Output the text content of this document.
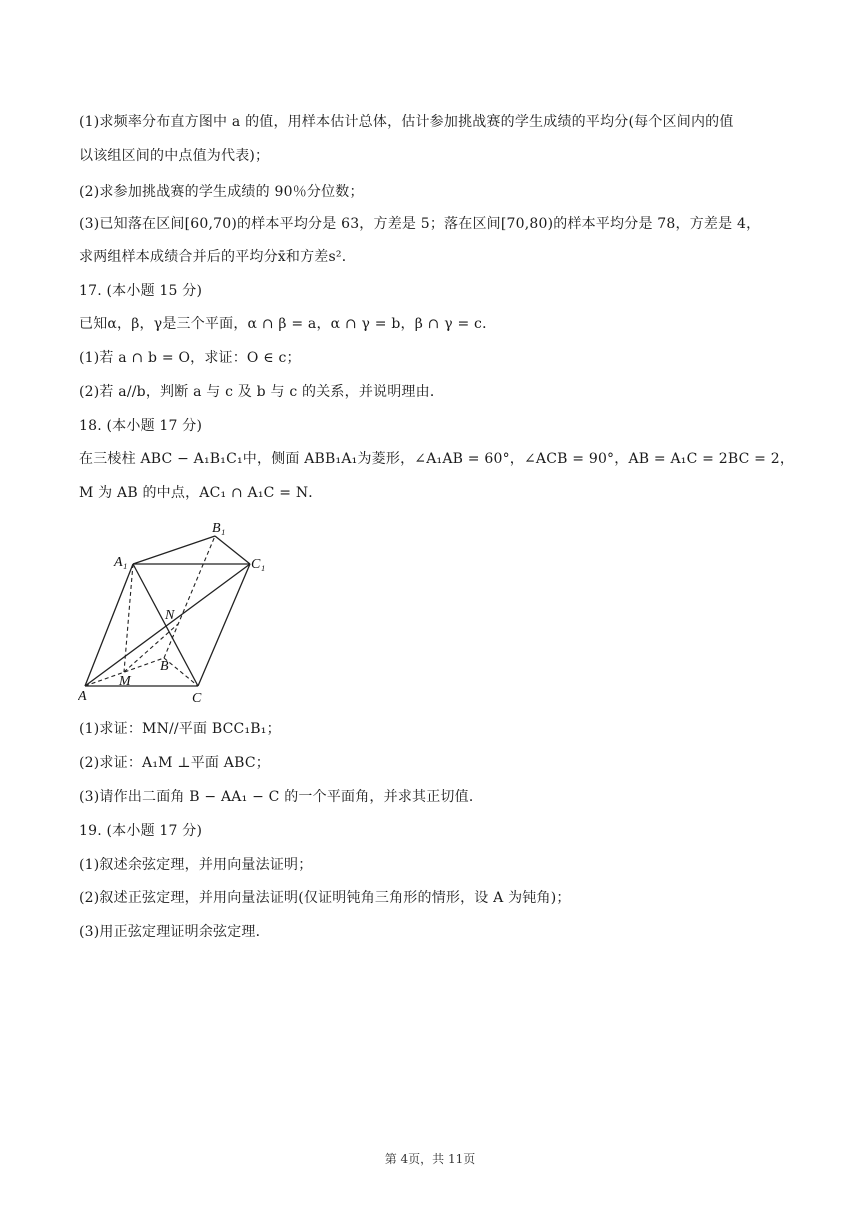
(1)求频率分布直方图中 a 的值，用样本估计总体，估计参加挑战赛的学生成绩的平均分(每个区间内的值
以该组区间的中点值为代表)；
(2)求参加挑战赛的学生成绩的 90％分位数；
(3)已知落在区间[60,70)的样本平均分是 63，方差是 5；落在区间[70,80)的样本平均分是 78，方差是 4，
求两组样本成绩合并后的平均分x̄和方差s²．
17. (本小题 15 分)
已知α，β，γ是三个平面，α ∩ β = a，α ∩ γ = b，β ∩ γ = c．
(1)若 a ∩ b = O，求证：O ∈ c；
(2)若 a//b，判断 a 与 c 及 b 与 c 的关系，并说明理由．
18. (本小题 17 分)
在三棱柱 ABC − A₁B₁C₁中，侧面 ABB₁A₁为菱形，∠A₁AB = 60°，∠ACB = 90°，AB = A₁C = 2BC = 2，
M 为 AB 的中点，AC₁ ∩ A₁C = N．
A
A₁
B₁
C₁
N
B
M
C
(1)求证：MN//平面 BCC₁B₁；
(2)求证：A₁M ⊥平面 ABC；
(3)请作出二面角 B − AA₁ − C 的一个平面角，并求其正切值．
19. (本小题 17 分)
(1)叙述余弦定理，并用向量法证明；
(2)叙述正弦定理，并用向量法证明(仅证明钝角三角形的情形，设 A 为钝角)；
(3)用正弦定理证明余弦定理．
第 4页，共 11页
